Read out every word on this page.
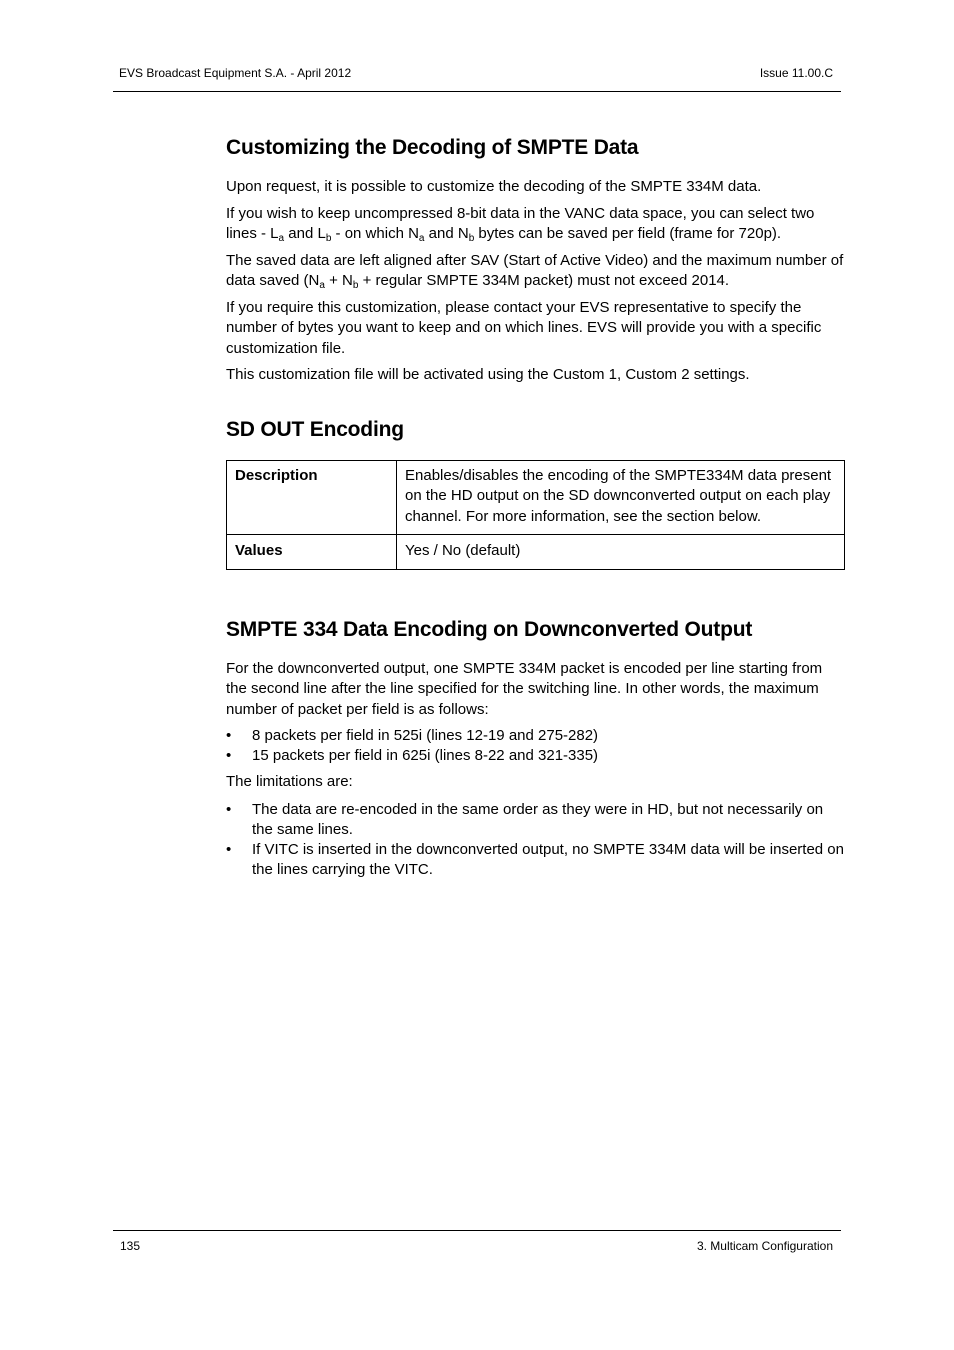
EVS Broadcast Equipment S.A. - April 2012	Issue 11.00.C
Customizing the Decoding of SMPTE Data

Upon request, it is possible to customize the decoding of the SMPTE 334M data.

If you wish to keep uncompressed 8-bit data in the VANC data space, you can select two lines - $L_a$ and $L_b$ - on which $N_a$ and $N_b$ bytes can be saved per field (frame for 720p).

The saved data are left aligned after SAV (Start of Active Video) and the maximum number of data saved ($N_a + N_b$ + regular SMPTE 334M packet) must not exceed 2014.

If you require this customization, please contact your EVS representative to specify the number of bytes you want to keep and on which lines. EVS will provide you with a specific customization file.

This customization file will be activated using the Custom 1, Custom 2 settings.

SD OUT Encoding
Description	Enables/disables the encoding of the SMPTE334M data present on the HD output on the SD downconverted output on each play channel. For more information, see the section below.
Values	Yes / No (default)
SMPTE 334 Data Encoding on Downconverted Output

For the downconverted output, one SMPTE 334M packet is encoded per line starting from the second line after the line specified for the switching line. In other words, the maximum number of packet per field is as follows:

• 8 packets per field in 525i (lines 12-19 and 275-282)
• 15 packets per field in 625i (lines 8-22 and 321-335)

The limitations are:

• The data are re-encoded in the same order as they were in HD, but not necessarily on the same lines.
• If VITC is inserted in the downconverted output, no SMPTE 334M data will be inserted on the lines carrying the VITC.
135	3. Multicam Configuration
